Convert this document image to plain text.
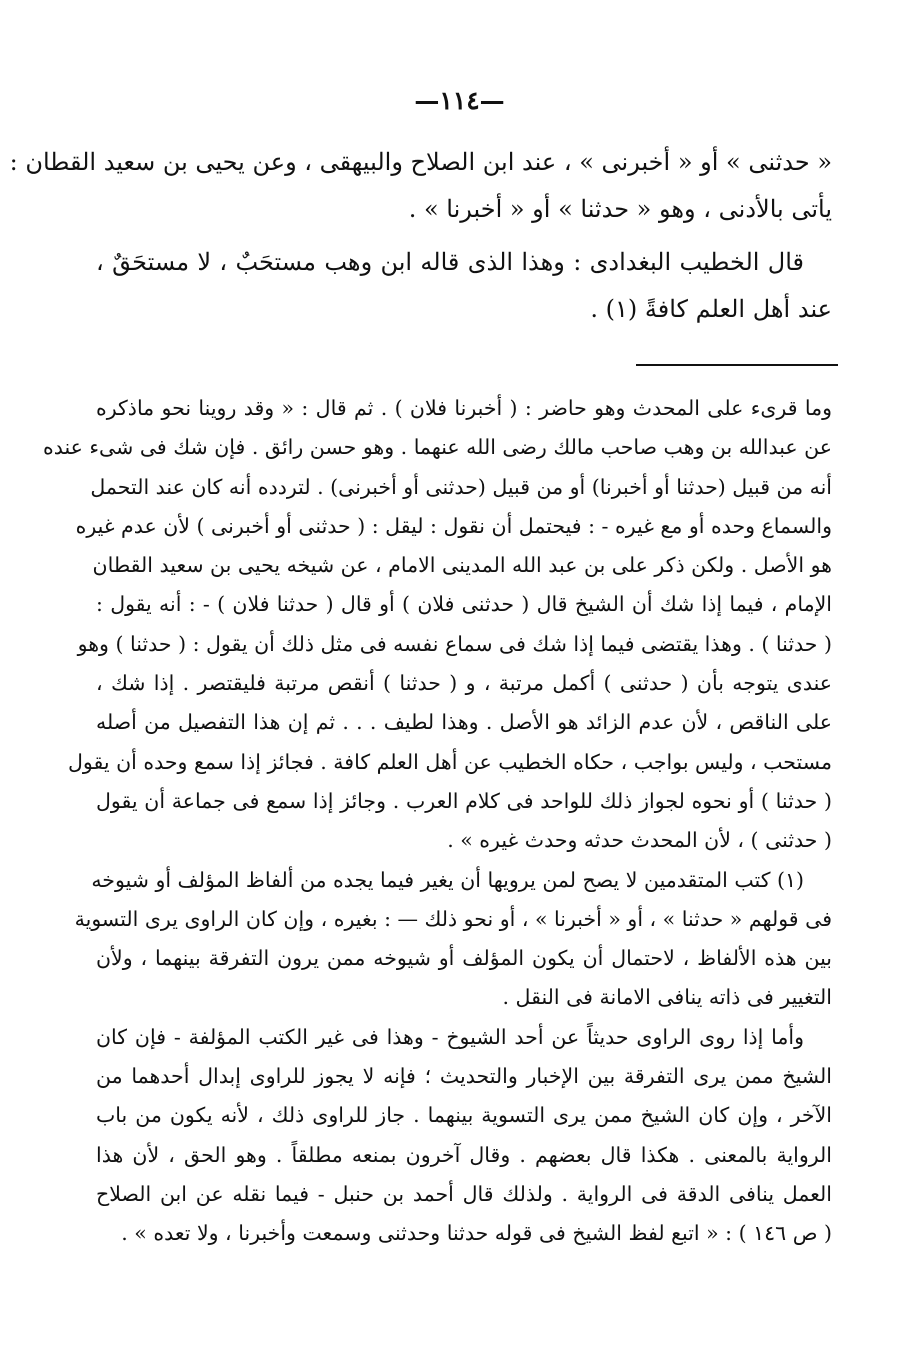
—١١٤—
« حدثنى » أو « أخبرنى » ، عند ابن الصلاح والبيهقى ، وعن يحيى بن سعيد القطان :
يأتى بالأدنى ، وهو « حدثنا » أو « أخبرنا » .
قال الخطيب البغدادى : وهذا الذى قاله ابن وهب مستحَبٌ ، لا مستحَقٌ ،
عند أهل العلم كافةً (١) .
وما قرىء على المحدث وهو حاضر : ( أخبرنا فلان ) . ثم قال : « وقد روينا نحو ماذكره
عن عبدالله بن وهب صاحب مالك رضى الله عنهما . وهو حسن رائق . فإن شك فى شىء عنده
أنه من قبيل (حدثنا أو أخبرنا) أو من قبيل (حدثنى أو أخبرنى) . لتردده أنه كان عند التحمل
والسماع وحده أو مع غيره - : فيحتمل أن نقول : ليقل : ( حدثنى أو أخبرنى ) لأن عدم غيره
هو الأصل . ولكن ذكر على بن عبد الله المدينى الامام ، عن شيخه يحيى بن سعيد القطان
الإمام ، فيما إذا شك أن الشيخ قال ( حدثنى فلان ) أو قال ( حدثنا فلان ) - : أنه يقول :
( حدثنا ) . وهذا يقتضى فيما إذا شك فى سماع نفسه فى مثل ذلك أن يقول : ( حدثنا ) وهو
عندى يتوجه بأن ( حدثنى ) أكمل مرتبة ، و ( حدثنا ) أنقص مرتبة فليقتصر . إذا شك ،
على الناقص ، لأن عدم الزائد هو الأصل . وهذا لطيف . . . ثم إن هذا التفصيل من أصله
مستحب ، وليس بواجب ، حكاه الخطيب عن أهل العلم كافة . فجائز إذا سمع وحده أن يقول
( حدثنا ) أو نحوه لجواز ذلك للواحد فى كلام العرب . وجائز إذا سمع فى جماعة أن يقول
( حدثنى ) ، لأن المحدث حدثه وحدث غيره » .
(١) كتب المتقدمين لا يصح لمن يرويها أن يغير فيما يجده من ألفاظ المؤلف أو شيوخه
فى قولهم « حدثنا » ، أو « أخبرنا » ، أو نحو ذلك — : بغيره ، وإن كان الراوى يرى التسوية
بين هذه الألفاظ ، لاحتمال أن يكون المؤلف أو شيوخه ممن يرون التفرقة بينهما ، ولأن
التغيير فى ذاته ينافى الامانة فى النقل .
وأما إذا روى الراوى حديثاً عن أحد الشيوخ - وهذا فى غير الكتب المؤلفة - فإن كان
الشيخ ممن يرى التفرقة بين الإخبار والتحديث ؛ فإنه لا يجوز للراوى إبدال أحدهما من
الآخر ، وإن كان الشيخ ممن يرى التسوية بينهما . جاز للراوى ذلك ، لأنه يكون من باب
الرواية بالمعنى . هكذا قال بعضهم . وقال آخرون بمنعه مطلقاً . وهو الحق ، لأن هذا
العمل ينافى الدقة فى الرواية . ولذلك قال أحمد بن حنبل - فيما نقله عن ابن الصلاح
( ص ١٤٦ ) : « اتبع لفظ الشيخ فى قوله حدثنا وحدثنى وسمعت وأخبرنا ، ولا تعده » .
